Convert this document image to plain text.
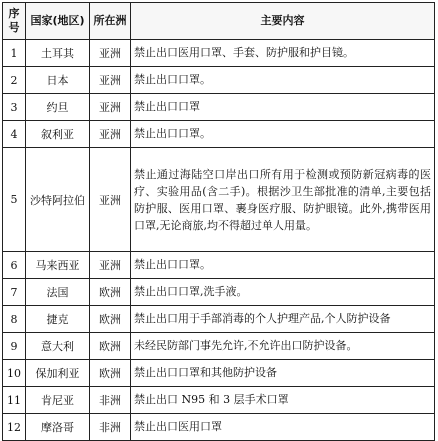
序号	国家(地区)	所在洲	主要内容
1	土耳其	亚洲	禁止出口医用口罩、手套、防护服和护目镜。
2	日本	亚洲	禁止出口口罩。
3	约旦	亚洲	禁止出口口罩
4	叙利亚	亚洲	禁止出口口罩。
5	沙特阿拉伯	亚洲	禁止通过海陆空口岸出口所有用于检测或预防新冠病毒的医疗、实验用品(含二手)。根据沙卫生部批准的清单,主要包括防护服、医用口罩、裹身医疗服、防护眼镜。此外,携带医用口罩,无论商旅,均不得超过单人用量。
6	马来西亚	亚洲	禁止出口口罩。
7	法国	欧洲	禁止出口口罩,洗手液。
8	捷克	欧洲	禁止出口用于手部消毒的个人护理产品,个人防护设备
9	意大利	欧洲	未经民防部门事先允许,不允许出口防护设备。
10	保加利亚	欧洲	禁止出口口罩和其他防护设备
11	肯尼亚	非洲	禁止出口 N95 和 3 层手术口罩
12	摩洛哥	非洲	禁止出口医用口罩
